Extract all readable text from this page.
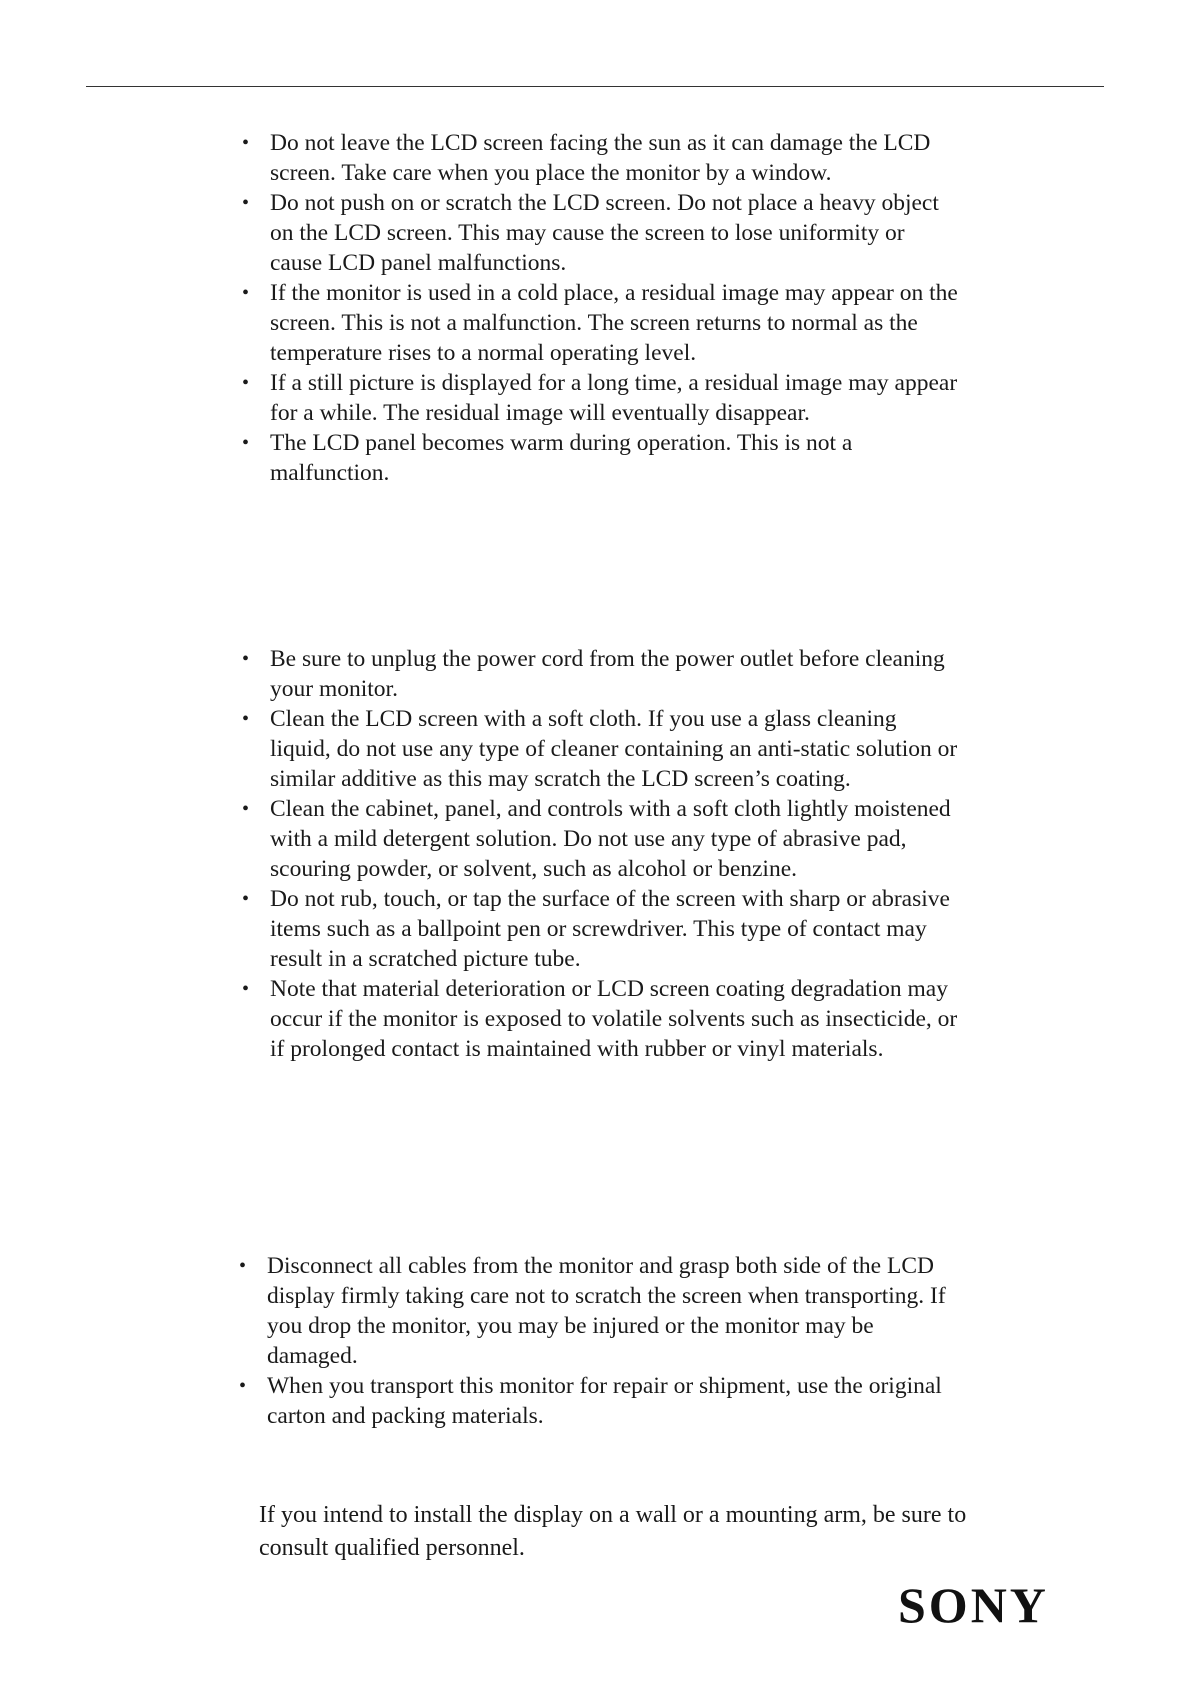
• Do not leave the LCD screen facing the sun as it can damage the LCD screen. Take care when you place the monitor by a window.
• Do not push on or scratch the LCD screen. Do not place a heavy object on the LCD screen. This may cause the screen to lose uniformity or cause LCD panel malfunctions.
• If the monitor is used in a cold place, a residual image may appear on the screen. This is not a malfunction. The screen returns to normal as the temperature rises to a normal operating level.
• If a still picture is displayed for a long time, a residual image may appear for a while. The residual image will eventually disappear.
• The LCD panel becomes warm during operation. This is not a malfunction.
• Be sure to unplug the power cord from the power outlet before cleaning your monitor.
• Clean the LCD screen with a soft cloth. If you use a glass cleaning liquid, do not use any type of cleaner containing an anti-static solution or similar additive as this may scratch the LCD screen’s coating.
• Clean the cabinet, panel, and controls with a soft cloth lightly moistened with a mild detergent solution. Do not use any type of abrasive pad, scouring powder, or solvent, such as alcohol or benzine.
• Do not rub, touch, or tap the surface of the screen with sharp or abrasive items such as a ballpoint pen or screwdriver. This type of contact may result in a scratched picture tube.
• Note that material deterioration or LCD screen coating degradation may occur if the monitor is exposed to volatile solvents such as insecticide, or if prolonged contact is maintained with rubber or vinyl materials.
• Disconnect all cables from the monitor and grasp both side of the LCD display firmly taking care not to scratch the screen when transporting. If you drop the monitor, you may be injured or the monitor may be damaged.
• When you transport this monitor for repair or shipment, use the original carton and packing materials.

If you intend to install the display on a wall or a mounting arm, be sure to consult qualified personnel.

SONY
